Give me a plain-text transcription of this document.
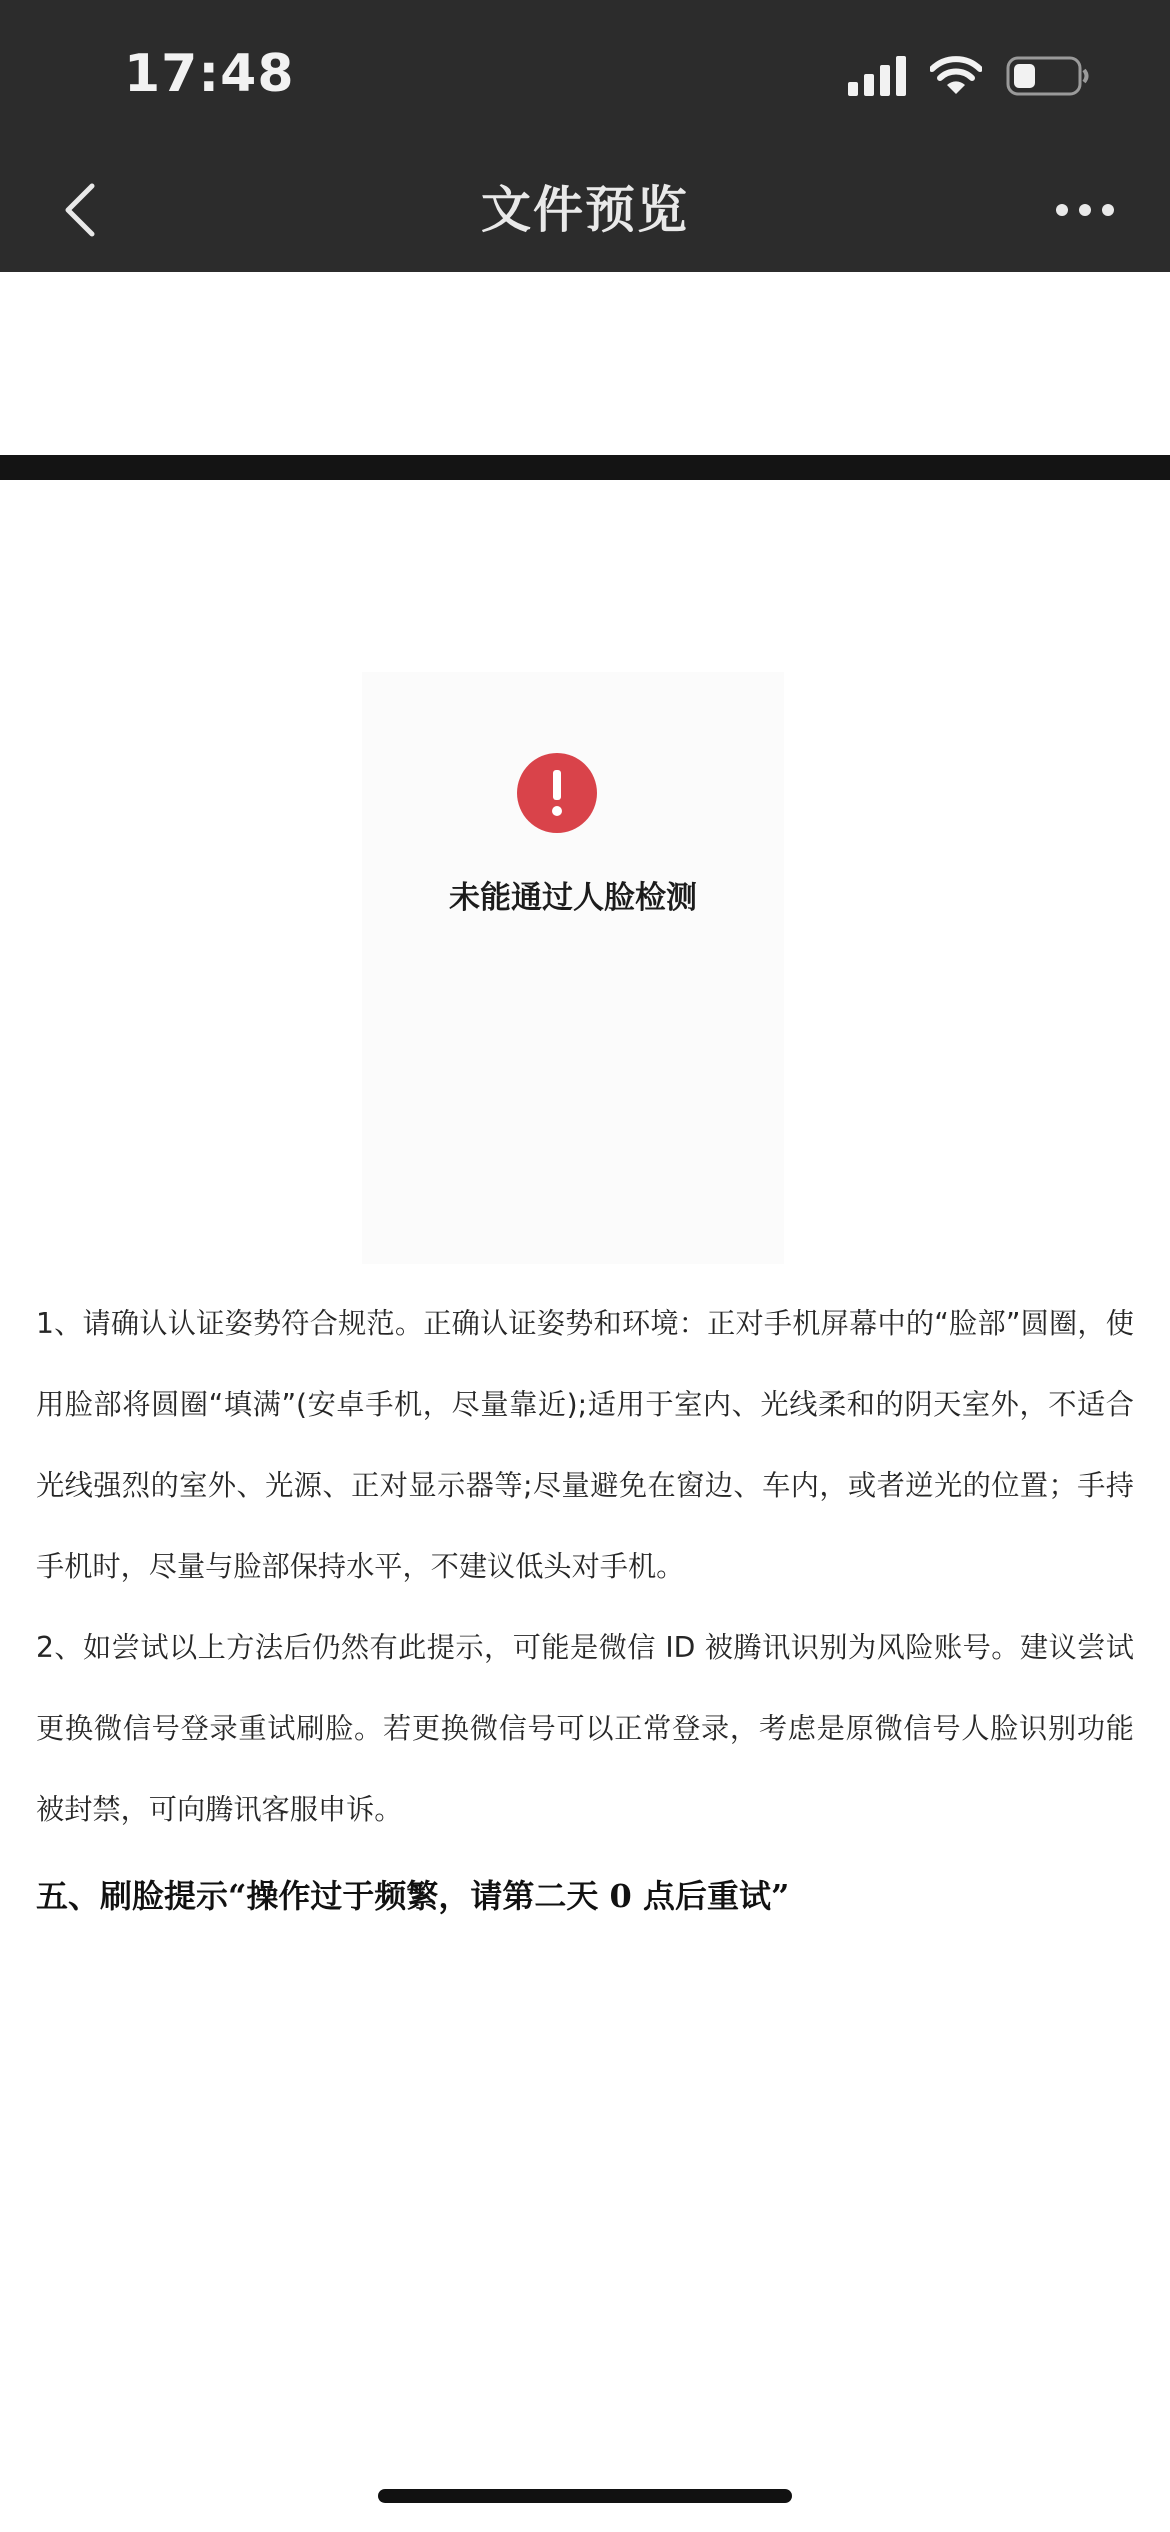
17:48
文件预览
未能通过人脸检测

1、请确认认证姿势符合规范。正确认证姿势和环境：正对手机屏幕中的“脸部”圆圈，使用脸部将圆圈“填满”(安卓手机，尽量靠近);适用于室内、光线柔和的阴天室外，不适合光线强烈的室外、光源、正对显示器等;尽量避免在窗边、车内，或者逆光的位置；手持手机时，尽量与脸部保持水平，不建议低头对手机。

2、如尝试以上方法后仍然有此提示，可能是微信 ID 被腾讯识别为风险账号。建议尝试更换微信号登录重试刷脸。若更换微信号可以正常登录，考虑是原微信号人脸识别功能被封禁，可向腾讯客服申诉。

五、刷脸提示“操作过于频繁，请第二天 0 点后重试”
